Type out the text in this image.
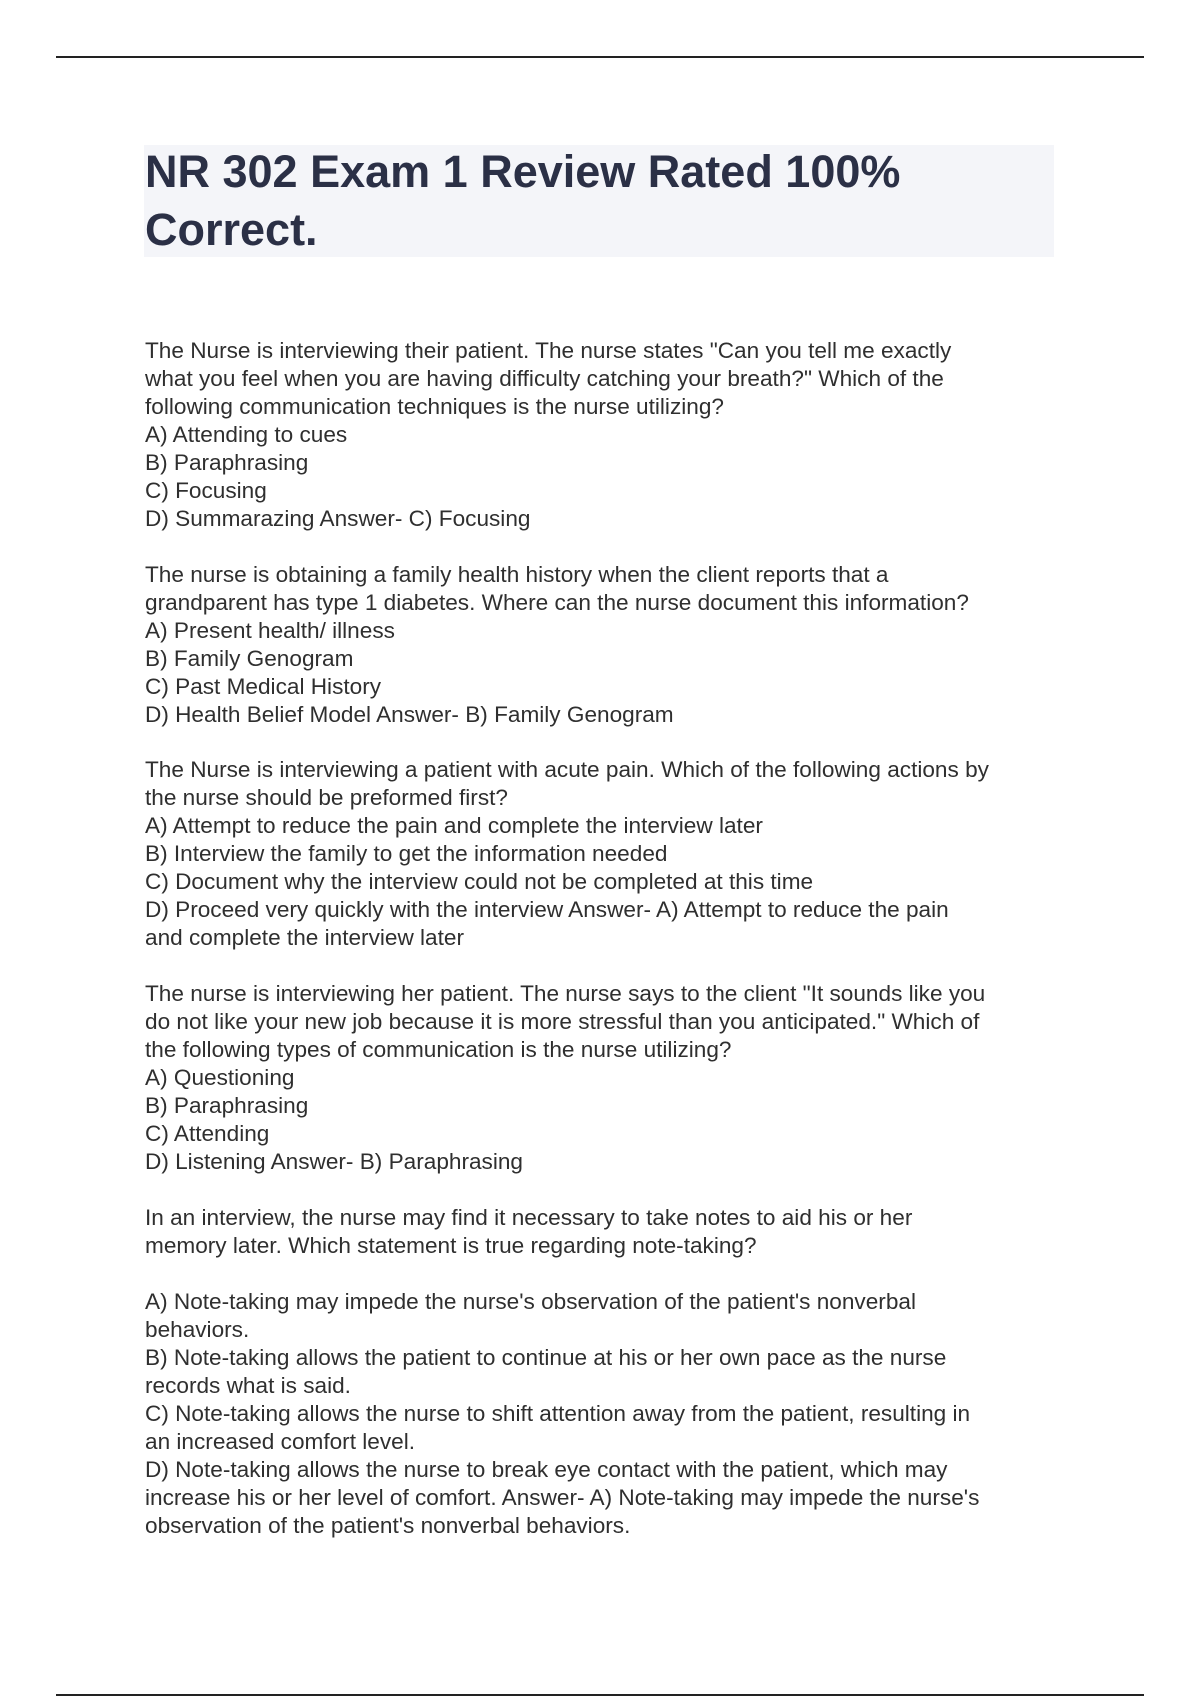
NR 302 Exam 1 Review Rated 100% Correct.
The Nurse is interviewing their patient. The nurse states "Can you tell me exactly
what you feel when you are having difficulty catching your breath?" Which of the
following communication techniques is the nurse utilizing?
A) Attending to cues
B) Paraphrasing
C) Focusing
D) Summarazing Answer- C) Focusing
The nurse is obtaining a family health history when the client reports that a
grandparent has type 1 diabetes. Where can the nurse document this information?
A) Present health/ illness
B) Family Genogram
C) Past Medical History
D) Health Belief Model Answer- B) Family Genogram
The Nurse is interviewing a patient with acute pain. Which of the following actions by
the nurse should be preformed first?
A) Attempt to reduce the pain and complete the interview later
B) Interview the family to get the information needed
C) Document why the interview could not be completed at this time
D) Proceed very quickly with the interview Answer- A) Attempt to reduce the pain
and complete the interview later
The nurse is interviewing her patient. The nurse says to the client "It sounds like you
do not like your new job because it is more stressful than you anticipated." Which of
the following types of communication is the nurse utilizing?
A) Questioning
B) Paraphrasing
C) Attending
D) Listening Answer- B) Paraphrasing
In an interview, the nurse may find it necessary to take notes to aid his or her
memory later. Which statement is true regarding note-taking?
A) Note-taking may impede the nurse's observation of the patient's nonverbal
behaviors.
B) Note-taking allows the patient to continue at his or her own pace as the nurse
records what is said.
C) Note-taking allows the nurse to shift attention away from the patient, resulting in
an increased comfort level.
D) Note-taking allows the nurse to break eye contact with the patient, which may
increase his or her level of comfort. Answer- A) Note-taking may impede the nurse's
observation of the patient's nonverbal behaviors.
